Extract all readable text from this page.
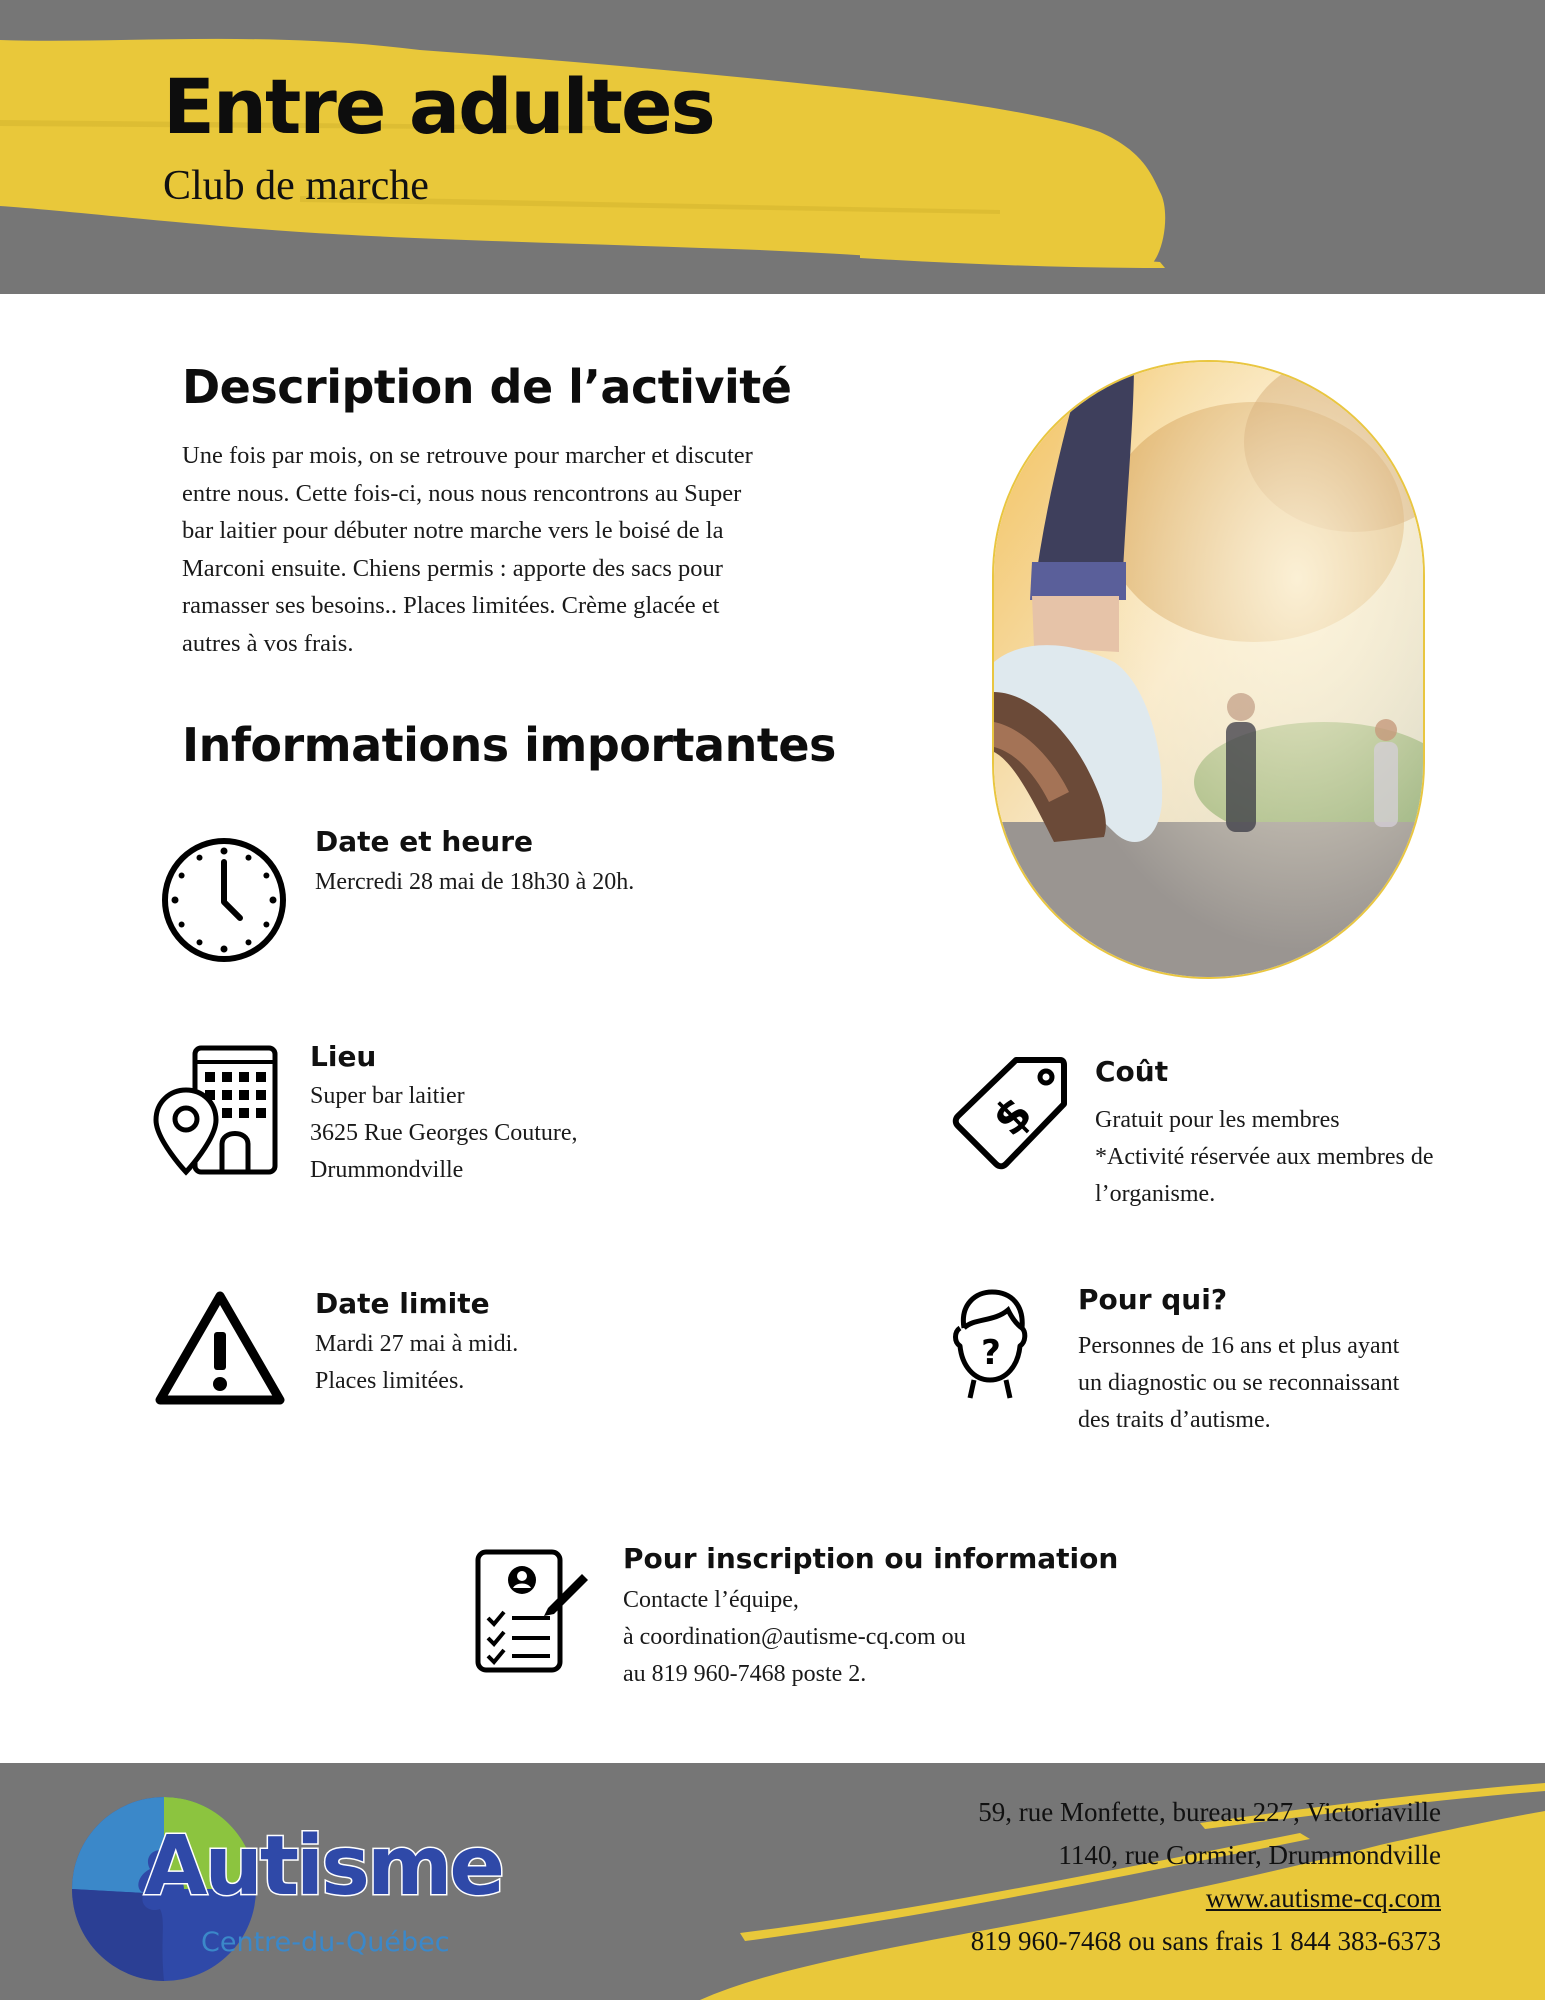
Entre adultes
Club de marche
Description de l’activité
Une fois par mois, on se retrouve pour marcher et discuter
entre nous. Cette fois-ci, nous nous rencontrons au Super
bar laitier pour débuter notre marche vers le boisé de la
Marconi ensuite. Chiens permis : apporte des sacs pour
ramasser ses besoins.. Places limitées. Crème glacée et
autres à vos frais.
Informations importantes
Date et heure
Mercredi 28 mai de 18h30 à 20h.
Lieu
Super bar laitier
3625 Rue Georges Couture,
Drummondville
$
Coût
Gratuit pour les membres
*Activité réservée aux membres de
l’organisme.
Date limite
Mardi 27 mai à midi.
Places limitées.
?
Pour qui?
Personnes de 16 ans et plus ayant
un diagnostic ou se reconnaissant
des traits d’autisme.
Pour inscription ou information
Contacte l’équipe,
à coordination@autisme-cq.com ou
au 819 960-7468 poste 2.
Autisme
Centre-du-Québec
59, rue Monfette, bureau 227, Victoriaville
1140, rue Cormier, Drummondville
www.autisme-cq.com
819 960-7468 ou sans frais 1 844 383-6373
